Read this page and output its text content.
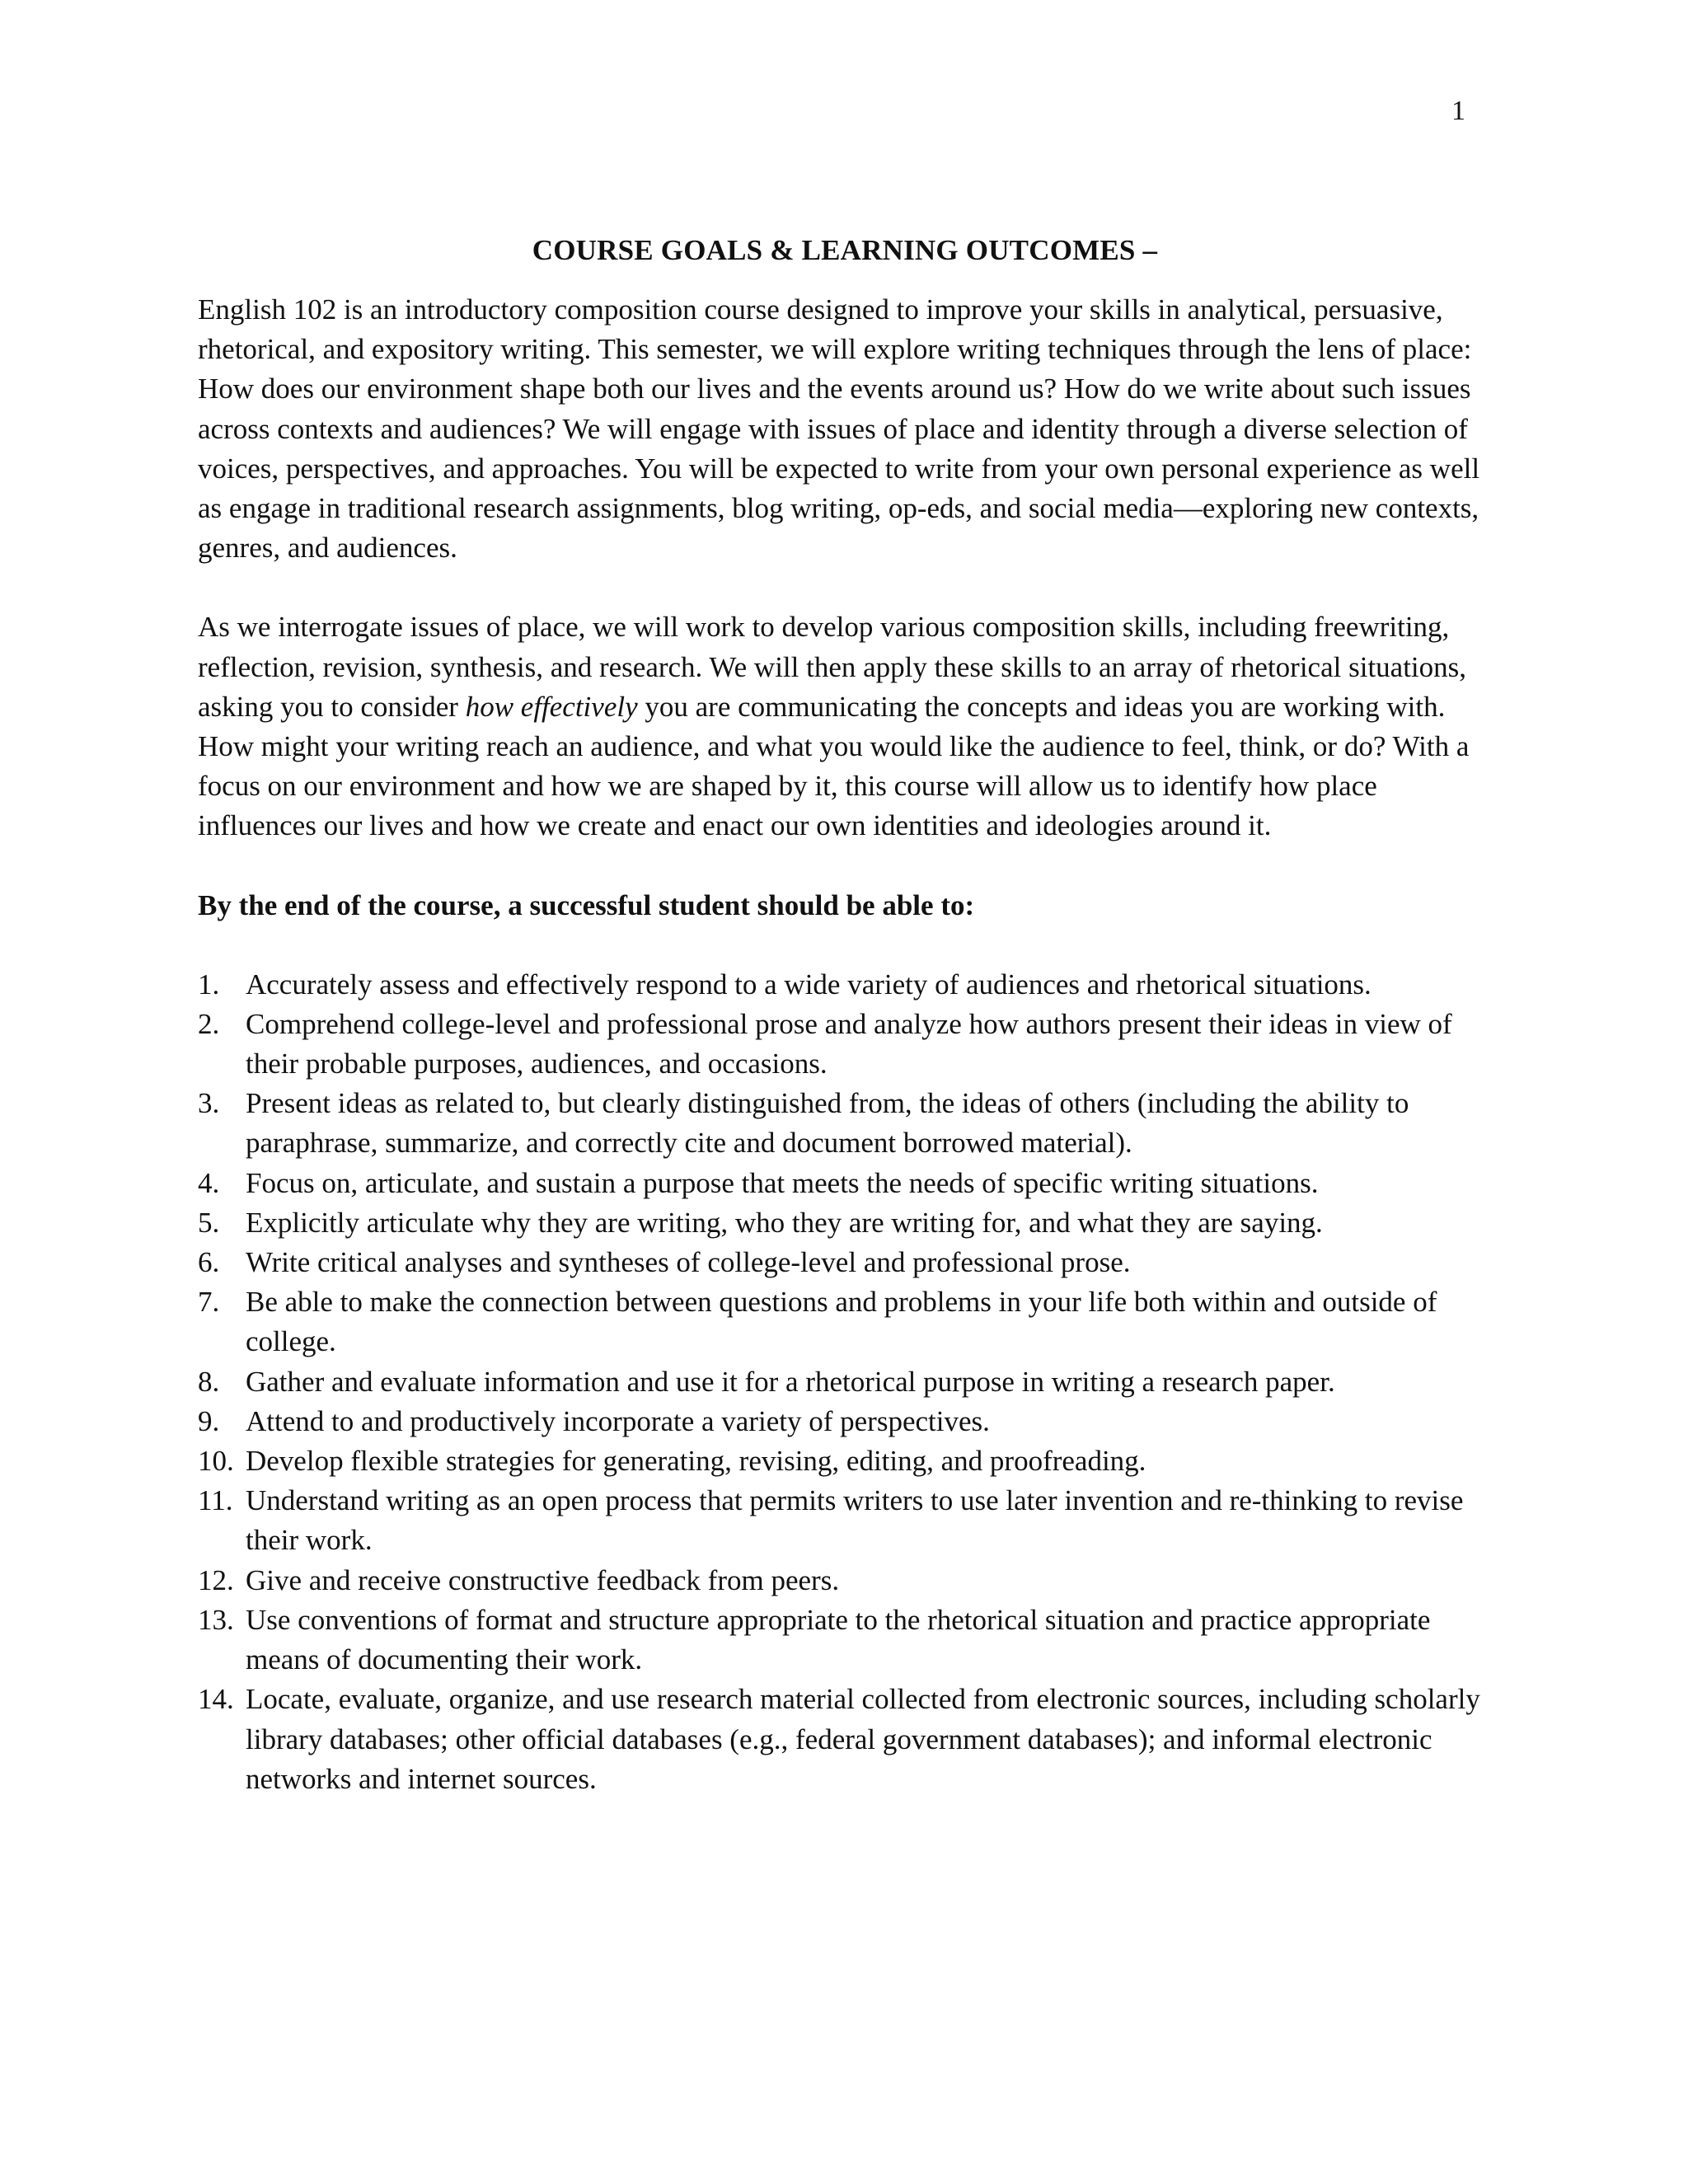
1
COURSE GOALS & LEARNING OUTCOMES –

English 102 is an introductory composition course designed to improve your skills in analytical, persuasive, rhetorical, and expository writing. This semester, we will explore writing techniques through the lens of place: How does our environment shape both our lives and the events around us? How do we write about such issues across contexts and audiences? We will engage with issues of place and identity through a diverse selection of voices, perspectives, and approaches. You will be expected to write from your own personal experience as well as engage in traditional research assignments, blog writing, op-eds, and social media—exploring new contexts, genres, and audiences.

As we interrogate issues of place, we will work to develop various composition skills, including freewriting, reflection, revision, synthesis, and research. We will then apply these skills to an array of rhetorical situations, asking you to consider how effectively you are communicating the concepts and ideas you are working with. How might your writing reach an audience, and what you would like the audience to feel, think, or do? With a focus on our environment and how we are shaped by it, this course will allow us to identify how place influences our lives and how we create and enact our own identities and ideologies around it.

By the end of the course, a successful student should be able to:

1. Accurately assess and effectively respond to a wide variety of audiences and rhetorical situations.
2. Comprehend college-level and professional prose and analyze how authors present their ideas in view of their probable purposes, audiences, and occasions.
3. Present ideas as related to, but clearly distinguished from, the ideas of others (including the ability to paraphrase, summarize, and correctly cite and document borrowed material).
4. Focus on, articulate, and sustain a purpose that meets the needs of specific writing situations.
5. Explicitly articulate why they are writing, who they are writing for, and what they are saying.
6. Write critical analyses and syntheses of college-level and professional prose.
7. Be able to make the connection between questions and problems in your life both within and outside of college.
8. Gather and evaluate information and use it for a rhetorical purpose in writing a research paper.
9. Attend to and productively incorporate a variety of perspectives.
10. Develop flexible strategies for generating, revising, editing, and proofreading.
11. Understand writing as an open process that permits writers to use later invention and re-thinking to revise their work.
12. Give and receive constructive feedback from peers.
13. Use conventions of format and structure appropriate to the rhetorical situation and practice appropriate means of documenting their work.
14. Locate, evaluate, organize, and use research material collected from electronic sources, including scholarly library databases; other official databases (e.g., federal government databases); and informal electronic networks and internet sources.
